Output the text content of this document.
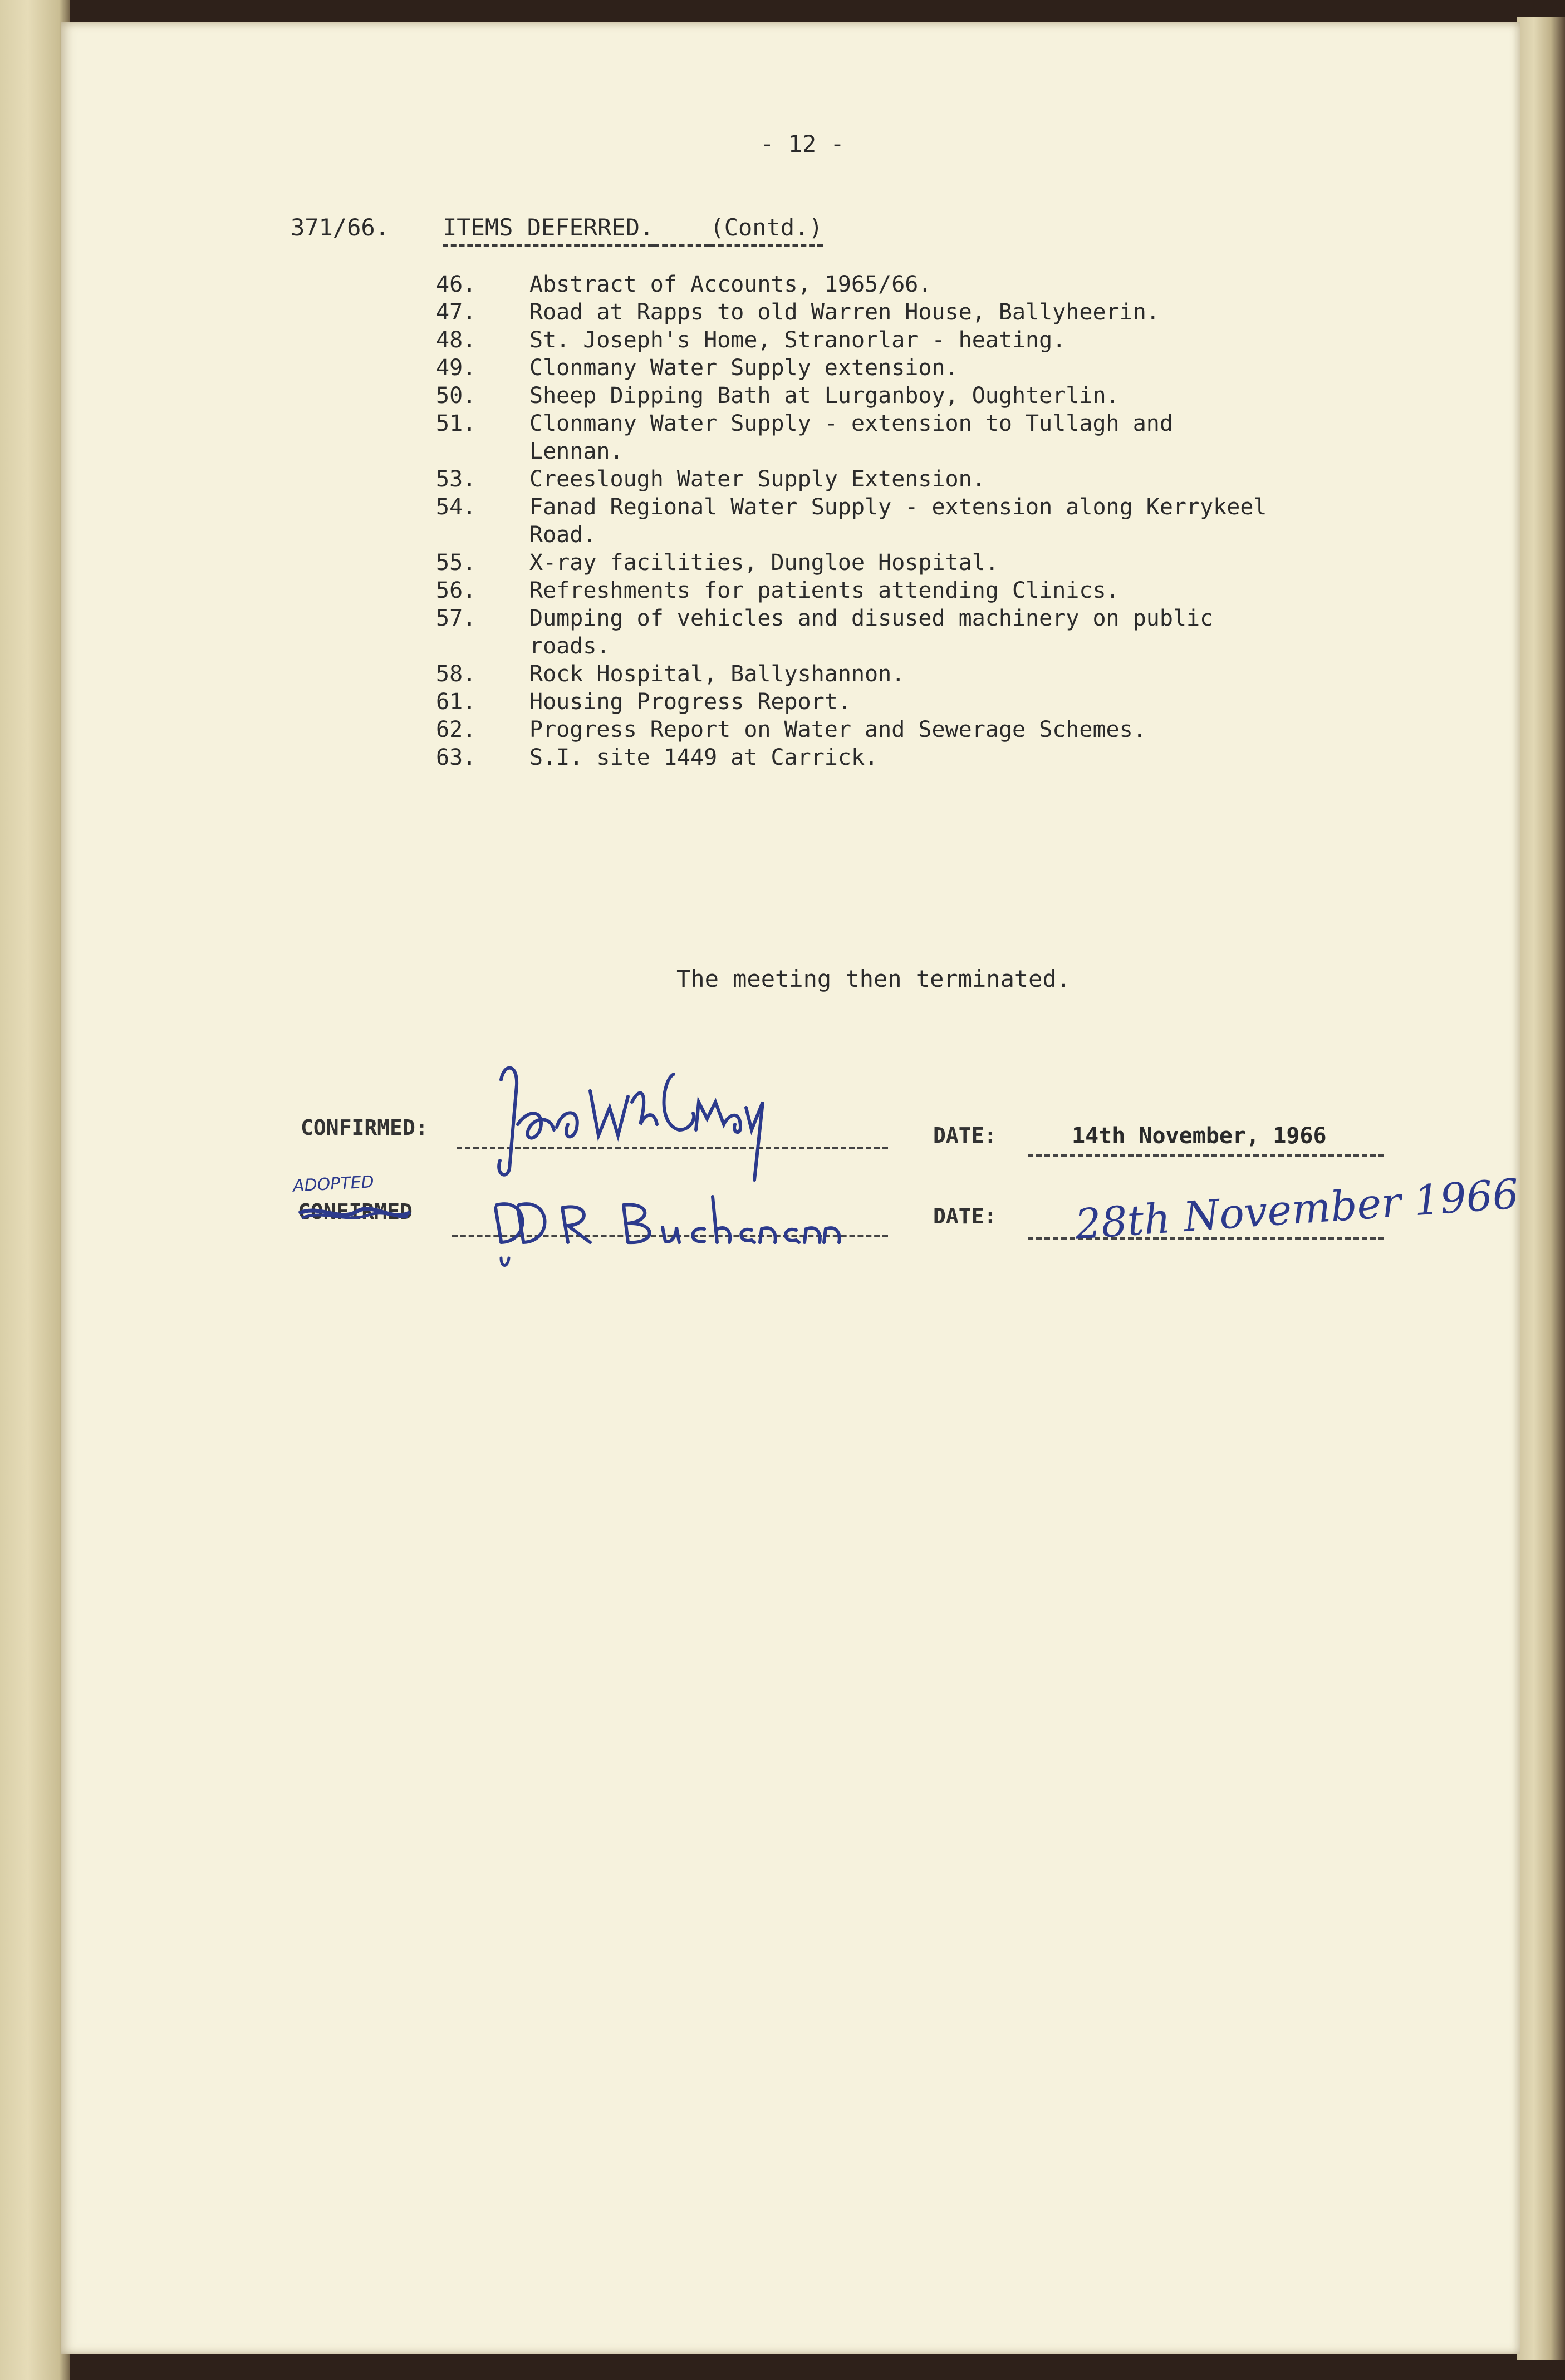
- 12 -
371/66. ITEMS DEFERRED. (Contd.)
46.	Abstract of Accounts, 1965/66.
47.	Road at Rapps to old Warren House, Ballyheerin.
48.	St. Joseph's Home, Stranorlar - heating.
49.	Clonmany Water Supply extension.
50.	Sheep Dipping Bath at Lurganboy, Oughterlin.
51.	Clonmany Water Supply - extension to Tullagh and Lennan.
53.	Creeslough Water Supply Extension.
54.	Fanad Regional Water Supply - extension along Kerrykeel Road.
55.	X-ray facilities, Dungloe Hospital.
56.	Refreshments for patients attending Clinics.
57.	Dumping of vehicles and disused machinery on public roads.
58.	Rock Hospital, Ballyshannon.
61.	Housing Progress Report.
62.	Progress Report on Water and Sewerage Schemes.
63.	S.I. site 1449 at Carrick.
The meeting then terminated.
CONFIRMED:	DATE:	14th November, 1966
ADOPTED
CONFIRMED	DATE: 28th November 1966
